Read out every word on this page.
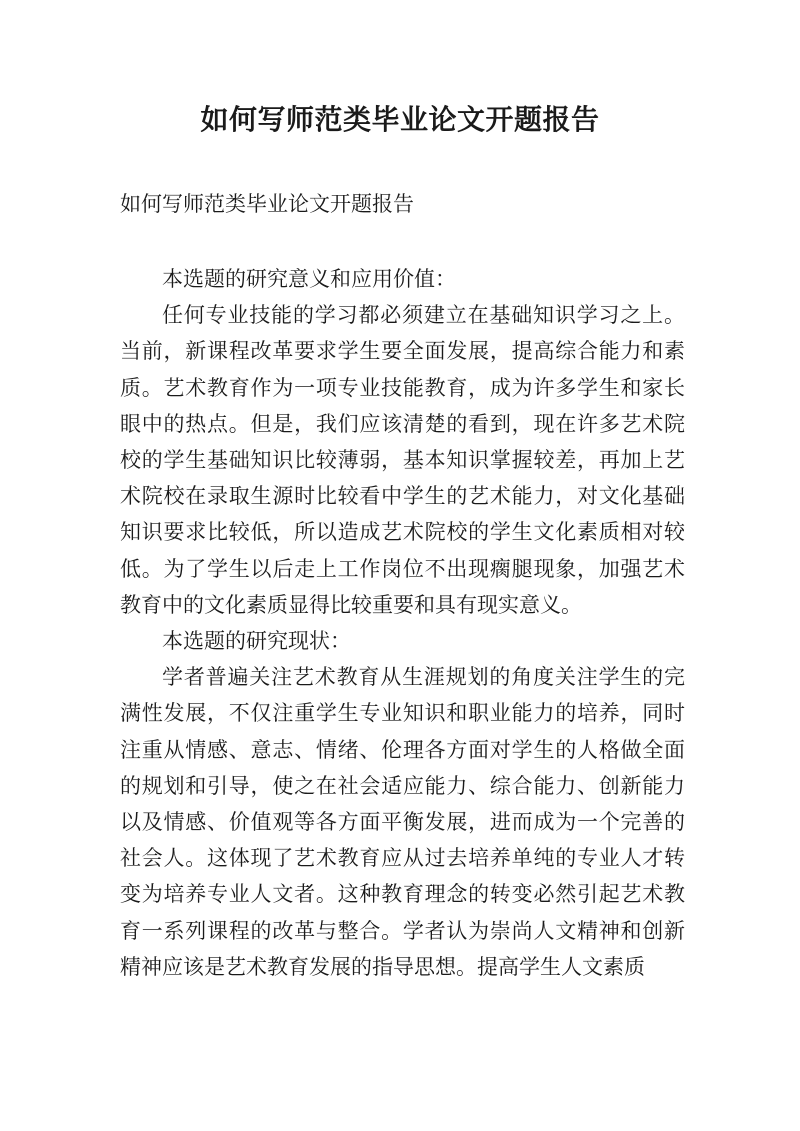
如何写师范类毕业论文开题报告

如何写师范类毕业论文开题报告

本选题的研究意义和应用价值：

任何专业技能的学习都必须建立在基础知识学习之上。当前，新课程改革要求学生要全面发展，提高综合能力和素质。艺术教育作为一项专业技能教育，成为许多学生和家长眼中的热点。但是，我们应该清楚的看到，现在许多艺术院校的学生基础知识比较薄弱，基本知识掌握较差，再加上艺术院校在录取生源时比较看中学生的艺术能力，对文化基础知识要求比较低，所以造成艺术院校的学生文化素质相对较低。为了学生以后走上工作岗位不出现瘸腿现象，加强艺术教育中的文化素质显得比较重要和具有现实意义。

本选题的研究现状：

学者普遍关注艺术教育从生涯规划的角度关注学生的完满性发展，不仅注重学生专业知识和职业能力的培养，同时注重从情感、意志、情绪、伦理各方面对学生的人格做全面的规划和引导，使之在社会适应能力、综合能力、创新能力以及情感、价值观等各方面平衡发展，进而成为一个完善的社会人。这体现了艺术教育应从过去培养单纯的专业人才转变为培养专业人文者。这种教育理念的转变必然引起艺术教育一系列课程的改革与整合。学者认为崇尚人文精神和创新精神应该是艺术教育发展的指导思想。提高学生人文素质
